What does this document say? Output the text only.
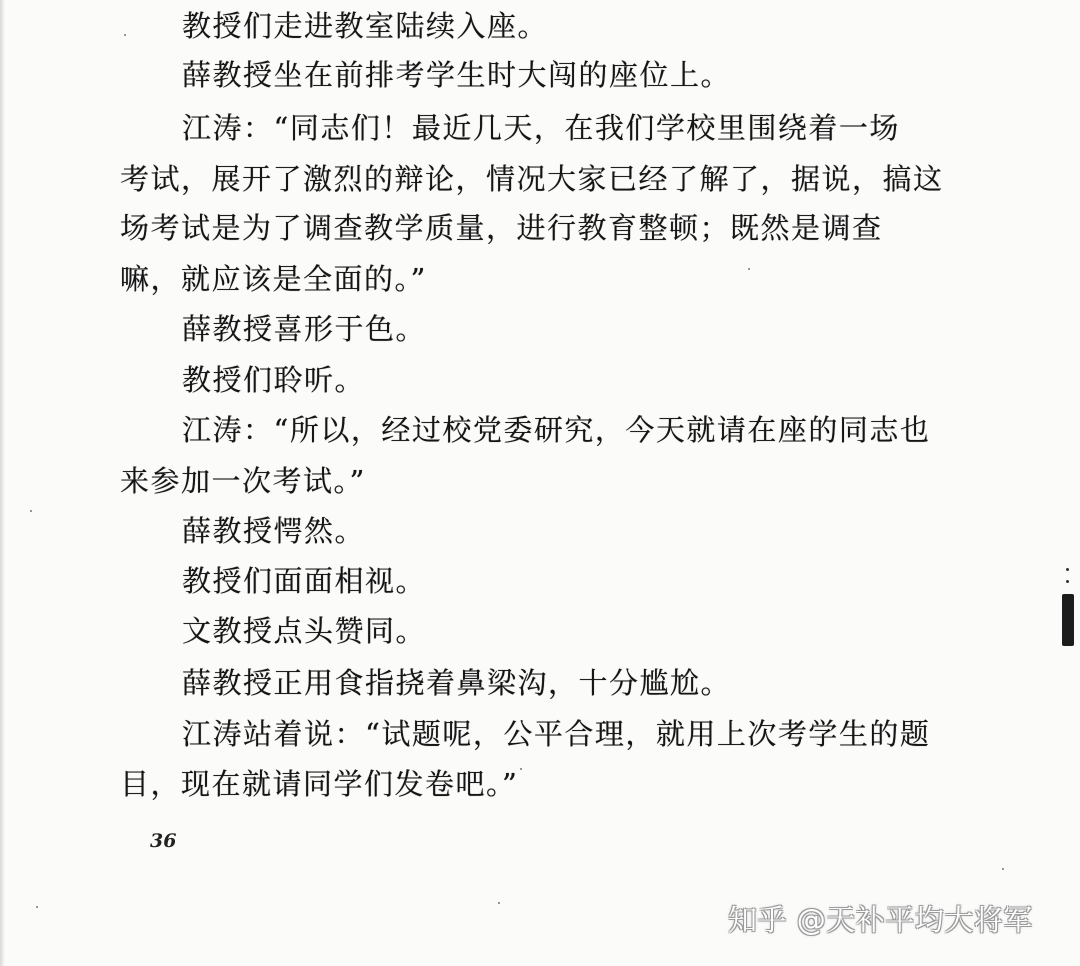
教授们走进教室陆续入座。
薛教授坐在前排考学生时大闯的座位上。
江涛：“同志们！最近几天，在我们学校里围绕着一场
考试，展开了激烈的辩论，情况大家已经了解了，据说，搞这
场考试是为了调查教学质量，进行教育整顿；既然是调查
嘛，就应该是全面的。”
薛教授喜形于色。
教授们聆听。
江涛：“所以，经过校党委研究，今天就请在座的同志也
来参加一次考试。”
薛教授愕然。
教授们面面相视。
文教授点头赞同。
薛教授正用食指挠着鼻梁沟，十分尴尬。
江涛站着说：“试题呢，公平合理，就用上次考学生的题
目，现在就请同学们发卷吧。”
36
知乎 @天补平均大将军
